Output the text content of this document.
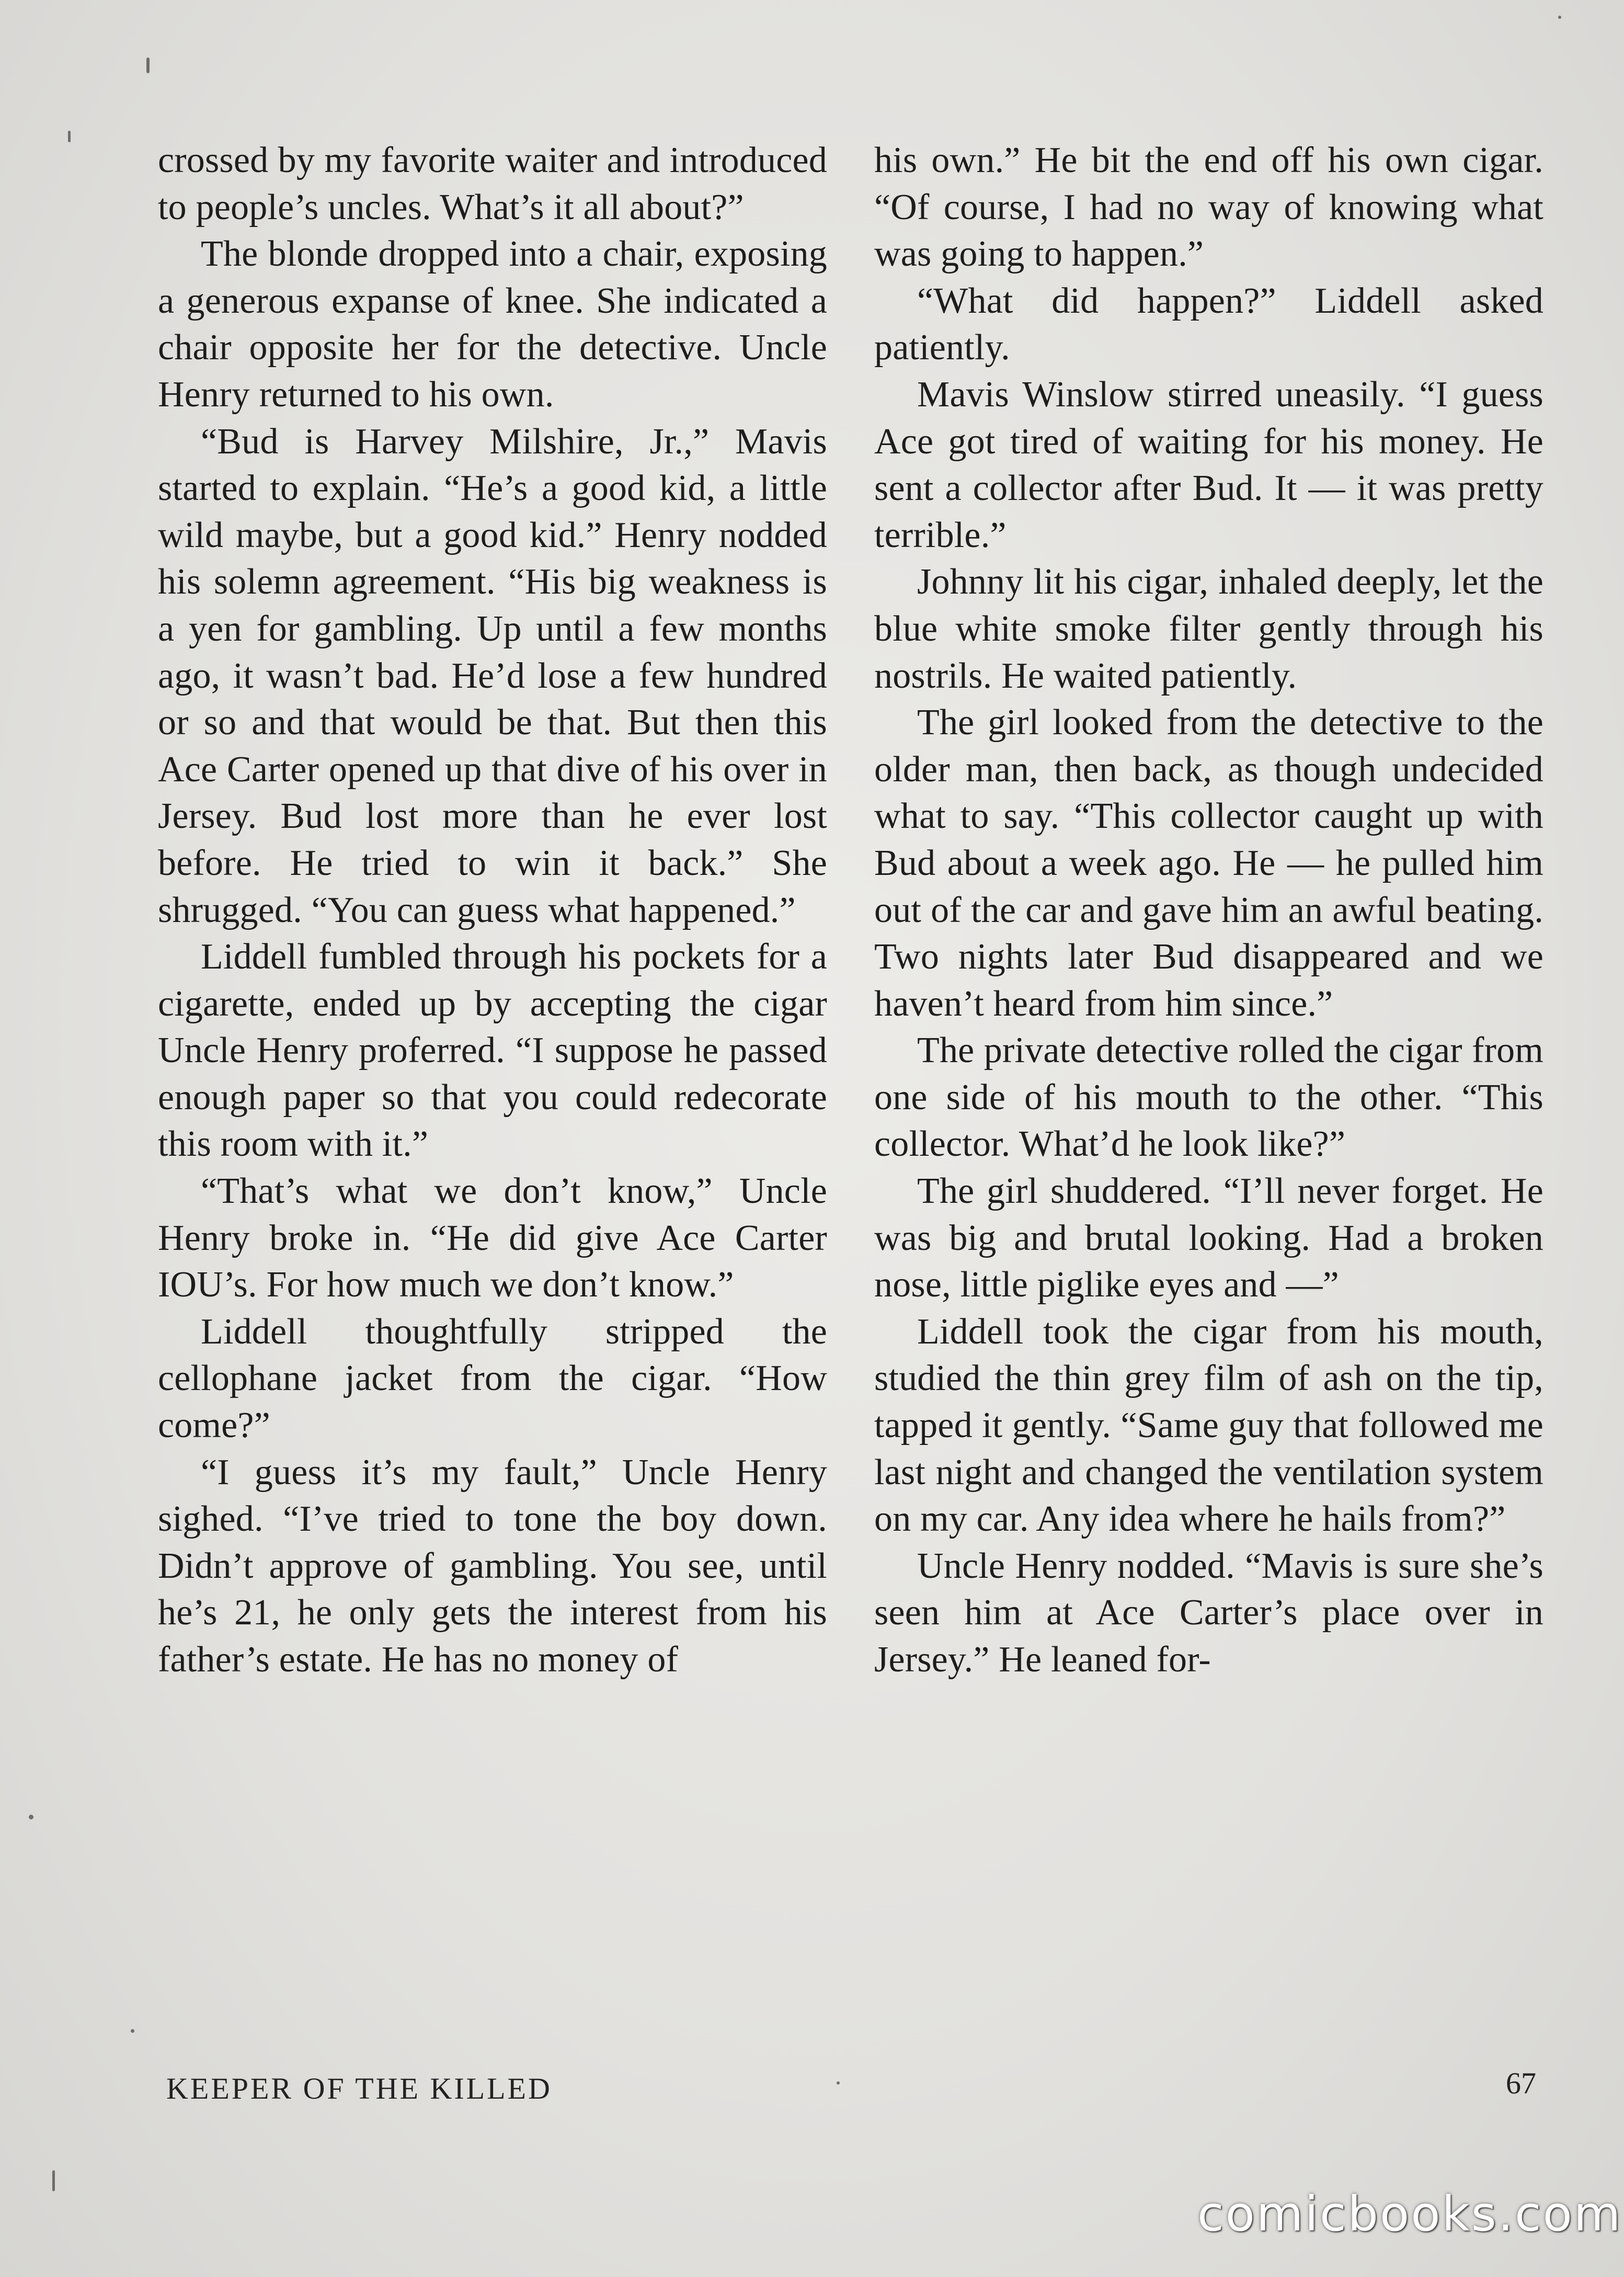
crossed by my favorite waiter and introduced to people’s uncles. What’s it all about?”

The blonde dropped into a chair, exposing a generous expanse of knee. She indicated a chair opposite her for the detective. Uncle Henry returned to his own.

“Bud is Harvey Milshire, Jr.,” Mavis started to explain. “He’s a good kid, a little wild maybe, but a good kid.” Henry nodded his solemn agreement. “His big weakness is a yen for gambling. Up until a few months ago, it wasn’t bad. He’d lose a few hundred or so and that would be that. But then this Ace Carter opened up that dive of his over in Jersey. Bud lost more than he ever lost before. He tried to win it back.” She shrugged. “You can guess what happened.”

Liddell fumbled through his pockets for a cigarette, ended up by accepting the cigar Uncle Henry proferred. “I suppose he passed enough paper so that you could redecorate this room with it.”

“That’s what we don’t know,” Uncle Henry broke in. “He did give Ace Carter IOU’s. For how much we don’t know.”

Liddell thoughtfully stripped the cellophane jacket from the cigar. “How come?”

“I guess it’s my fault,” Uncle Henry sighed. “I’ve tried to tone the boy down. Didn’t approve of gambling. You see, until he’s 21, he only gets the interest from his father’s estate. He has no money of

his own.” He bit the end off his own cigar. “Of course, I had no way of knowing what was going to happen.”

“What did happen?” Liddell asked patiently.

Mavis Winslow stirred uneasily. “I guess Ace got tired of waiting for his money. He sent a collector after Bud. It — it was pretty terrible.”

Johnny lit his cigar, inhaled deeply, let the blue white smoke filter gently through his nostrils. He waited patiently.

The girl looked from the detective to the older man, then back, as though undecided what to say. “This collector caught up with Bud about a week ago. He — he pulled him out of the car and gave him an awful beating. Two nights later Bud disappeared and we haven’t heard from him since.”

The private detective rolled the cigar from one side of his mouth to the other. “This collector. What’d he look like?”

The girl shuddered. “I’ll never forget. He was big and brutal looking. Had a broken nose, little piglike eyes and —”

Liddell took the cigar from his mouth, studied the thin grey film of ash on the tip, tapped it gently. “Same guy that followed me last night and changed the ventilation system on my car. Any idea where he hails from?”

Uncle Henry nodded. “Mavis is sure she’s seen him at Ace Carter’s place over in Jersey.” He leaned for-

KEEPER OF THE KILLED	67
comicbooks.com
